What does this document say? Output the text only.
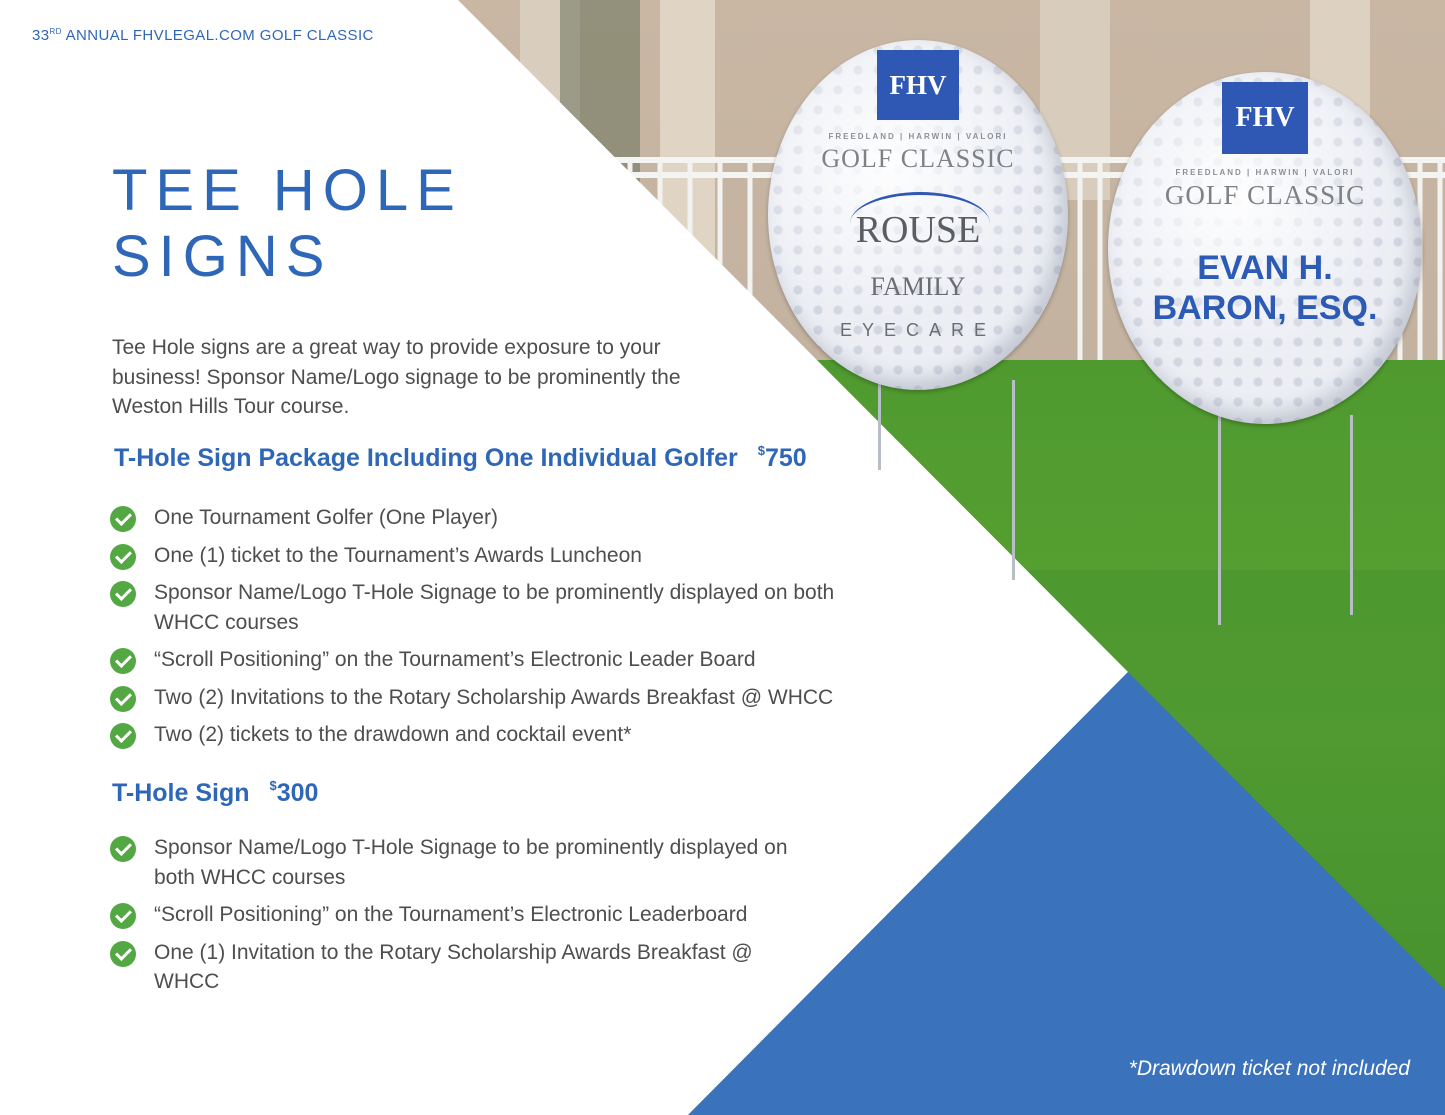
FHV
FREEDLAND | HARWIN | VALORI
GOLF CLASSIC
ROUSE
FAMILY
EYECARE
FHV
FREEDLAND | HARWIN | VALORI
GOLF CLASSIC
EVAN H.
BARON, ESQ.
33RD ANNUAL FHVLEGAL.COM GOLF CLASSIC
TEE HOLE
SIGNS

Tee Hole signs are a great way to provide exposure to your business! Sponsor Name/Logo signage to be prominently the Weston Hills Tour course.

T-Hole Sign Package Including One Individual Golfer $750
One Tournament Golfer (One Player)
One (1) ticket to the Tournament’s Awards Luncheon
Sponsor Name/Logo T-Hole Signage to be prominently displayed on both WHCC courses
“Scroll Positioning” on the Tournament’s Electronic Leader Board
Two (2) Invitations to the Rotary Scholarship Awards Breakfast @ WHCC
Two (2) tickets to the drawdown and cocktail event*
T-Hole Sign $300
Sponsor Name/Logo T-Hole Signage to be prominently displayed on both WHCC courses
“Scroll Positioning” on the Tournament’s Electronic Leaderboard
One (1) Invitation to the Rotary Scholarship Awards Breakfast @ WHCC
*Drawdown ticket not included
